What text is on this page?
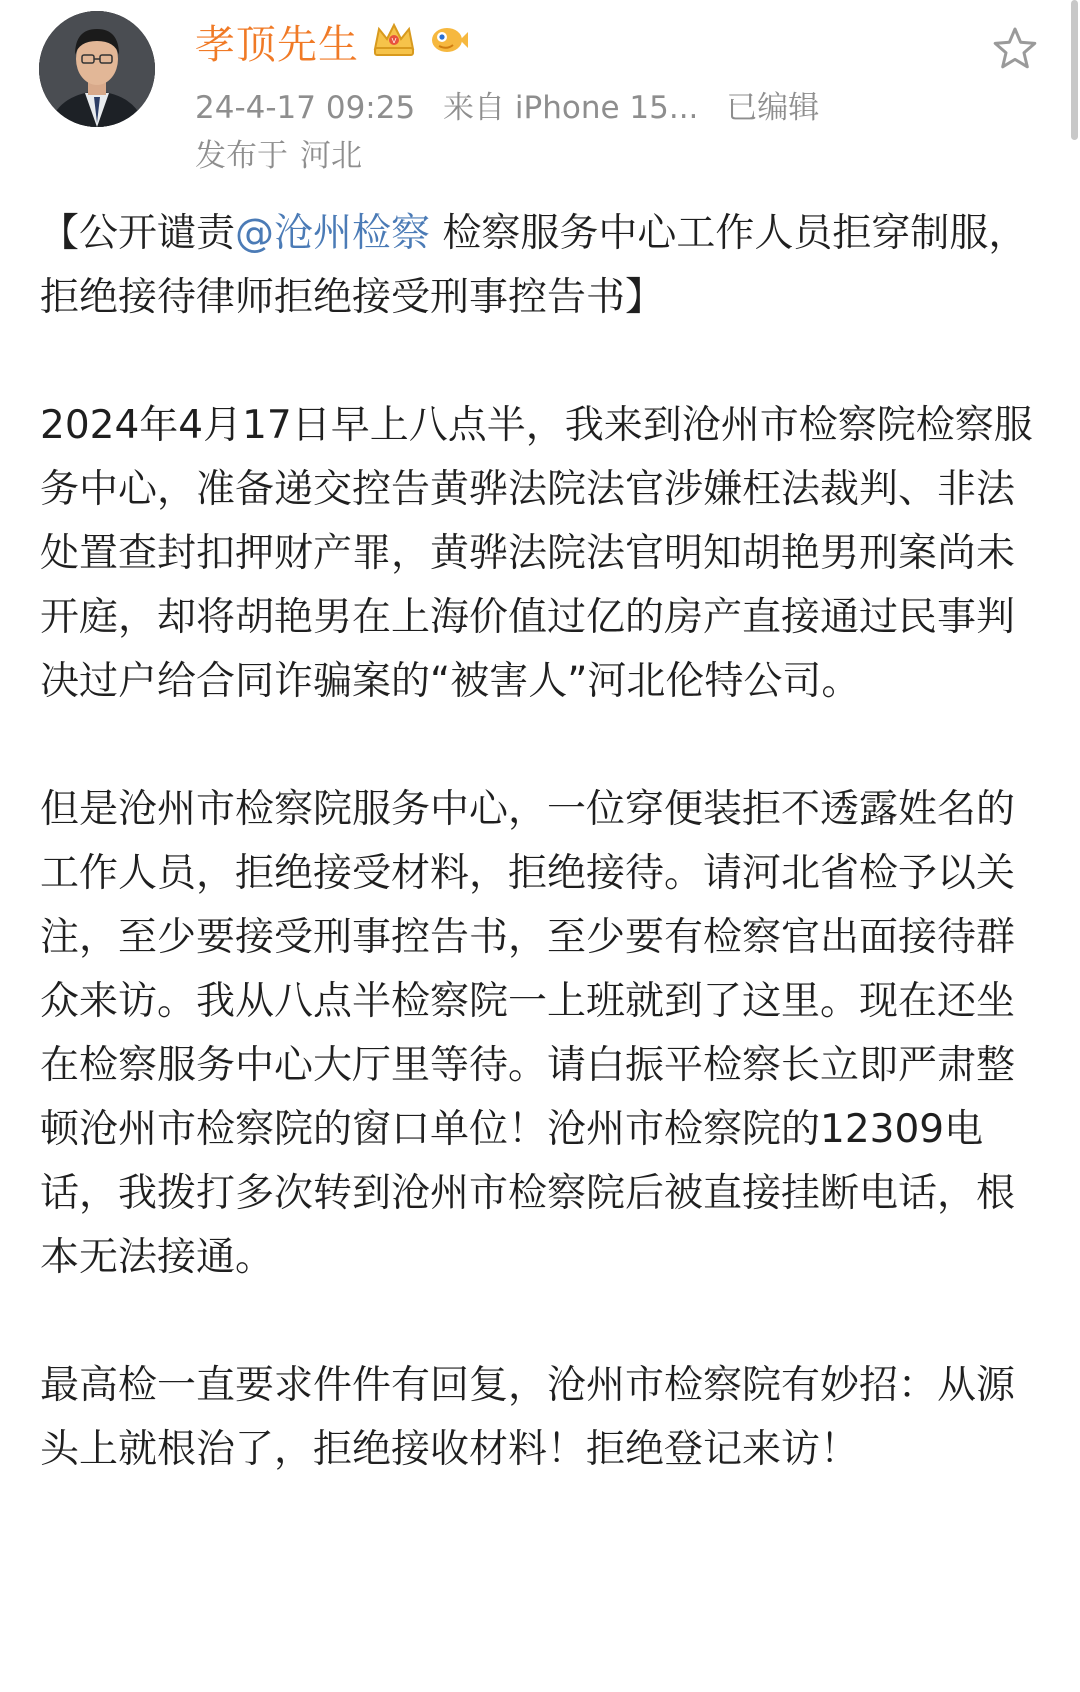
孝顶先生	V
24-4-17 09:25 来自 iPhone 15... 已编辑
发布于 河北

【公开谴责@沧州检察 检察服务中心工作人员拒穿制服，拒绝接待律师拒绝接受刑事控告书】

2024年4月17日早上八点半，我来到沧州市检察院检察服务中心，准备递交控告黄骅法院法官涉嫌枉法裁判、非法处置查封扣押财产罪，黄骅法院法官明知胡艳男刑案尚未开庭，却将胡艳男在上海价值过亿的房产直接通过民事判决过户给合同诈骗案的“被害人”河北伦特公司。

但是沧州市检察院服务中心，一位穿便装拒不透露姓名的工作人员，拒绝接受材料，拒绝接待。请河北省检予以关注，至少要接受刑事控告书，至少要有检察官出面接待群众来访。我从八点半检察院一上班就到了这里。现在还坐在检察服务中心大厅里等待。请白振平检察长立即严肃整顿沧州市检察院的窗口单位！沧州市检察院的12309电话，我拨打多次转到沧州市检察院后被直接挂断电话，根本无法接通。

最高检一直要求件件有回复，沧州市检察院有妙招：从源头上就根治了，拒绝接收材料！拒绝登记来访！
